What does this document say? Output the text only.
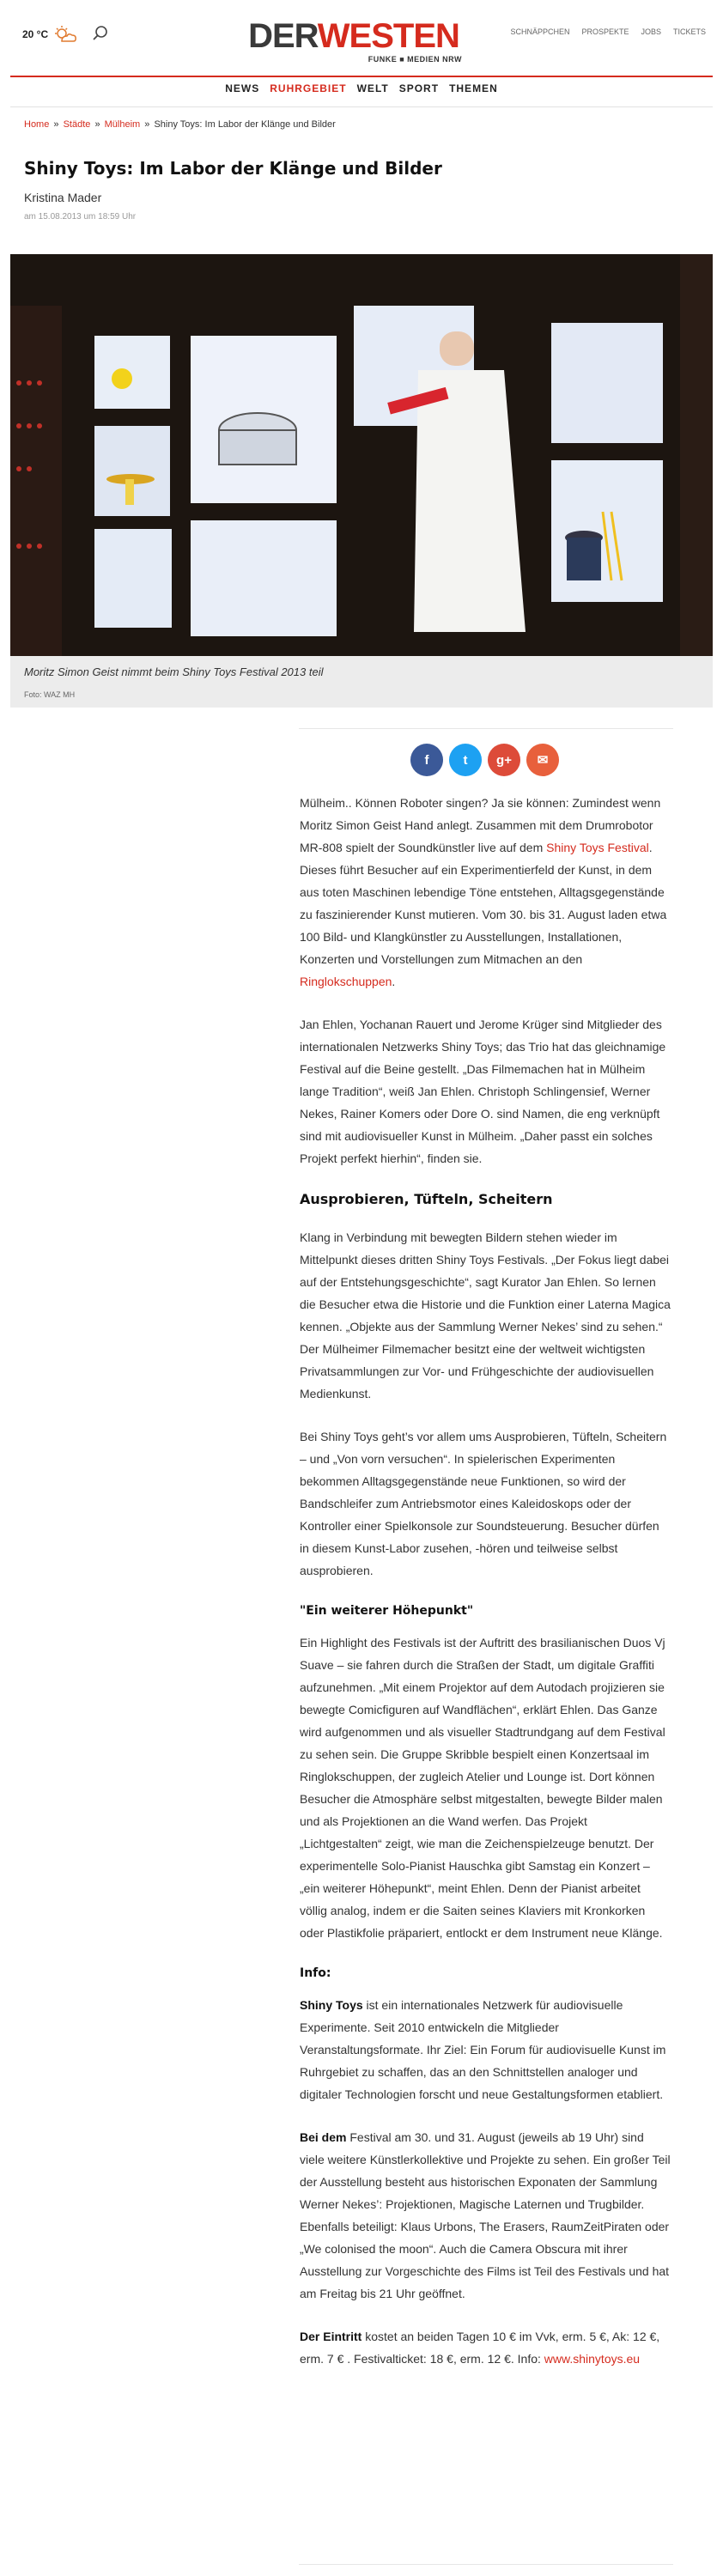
20 °C	DERWESTEN
FUNKE ■ MEDIEN NRW
SCHNÄPPCHEN PROSPEKTE JOBS TICKETS
NEWS RUHRGEBIET WELT SPORT THEMEN
Home » Städte » Mülheim » Shiny Toys: Im Labor der Klänge und Bilder
Shiny Toys: Im Labor der Klänge und Bilder
Kristina Mader
am 15.08.2013 um 18:59 Uhr
Moritz Simon Geist nimmt beim Shiny Toys Festival 2013 teil
Foto: WAZ MH
f	t g+ ✉

Mülheim.. Können Roboter singen? Ja sie können: Zumindest wenn Moritz Simon Geist Hand anlegt. Zusammen mit dem Drumrobotor MR-808 spielt der Soundkünstler live auf dem Shiny Toys Festival. Dieses führt Besucher auf ein Experimentierfeld der Kunst, in dem aus toten Maschinen lebendige Töne entstehen, Alltagsgegenstände zu faszinierender Kunst mutieren. Vom 30. bis 31. August laden etwa 100 Bild- und Klangkünstler zu Ausstellungen, Installationen, Konzerten und Vorstellungen zum Mitmachen an den Ringlokschuppen.

Jan Ehlen, Yochanan Rauert und Jerome Krüger sind Mitglieder des internationalen Netzwerks Shiny Toys; das Trio hat das gleichnamige Festival auf die Beine gestellt. „Das Filmemachen hat in Mülheim lange Tradition“, weiß Jan Ehlen. Christoph Schlingensief, Werner Nekes, Rainer Komers oder Dore O. sind Namen, die eng verknüpft sind mit audiovisueller Kunst in Mülheim. „Daher passt ein solches Projekt perfekt hierhin“, finden sie.

Ausprobieren, Tüfteln, Scheitern

Klang in Verbindung mit bewegten Bildern stehen wieder im Mittelpunkt dieses dritten Shiny Toys Festivals. „Der Fokus liegt dabei auf der Entstehungsgeschichte“, sagt Kurator Jan Ehlen. So lernen die Besucher etwa die Historie und die Funktion einer Laterna Magica kennen. „Objekte aus der Sammlung Werner Nekes’ sind zu sehen.“ Der Mülheimer Filmemacher besitzt eine der weltweit wichtigsten Privatsammlungen zur Vor- und Frühgeschichte der audiovisuellen Medienkunst.

Bei Shiny Toys geht’s vor allem ums Ausprobieren, Tüfteln, Scheitern – und „Von vorn versuchen“. In spielerischen Experimenten bekommen Alltagsgegenstände neue Funktionen, so wird der Bandschleifer zum Antriebsmotor eines Kaleidoskops oder der Kontroller einer Spielkonsole zur Soundsteuerung. Besucher dürfen in diesem Kunst-Labor zusehen, -hören und teilweise selbst ausprobieren.

"Ein weiterer Höhepunkt"

Ein Highlight des Festivals ist der Auftritt des brasilianischen Duos Vj Suave – sie fahren durch die Straßen der Stadt, um digitale Graffiti aufzunehmen. „Mit einem Projektor auf dem Autodach projizieren sie bewegte Comicfiguren auf Wandflächen“, erklärt Ehlen. Das Ganze wird aufgenommen und als visueller Stadtrundgang auf dem Festival zu sehen sein. Die Gruppe Skribble bespielt einen Konzertsaal im Ringlokschuppen, der zugleich Atelier und Lounge ist. Dort können Besucher die Atmosphäre selbst mitgestalten, bewegte Bilder malen und als Projektionen an die Wand werfen. Das Projekt „Lichtgestalten“ zeigt, wie man die Zeichenspielzeuge benutzt. Der experimentelle Solo-Pianist Hauschka gibt Samstag ein Konzert – „ein weiterer Höhepunkt“, meint Ehlen. Denn der Pianist arbeitet völlig analog, indem er die Saiten seines Klaviers mit Kronkorken oder Plastikfolie präpariert, entlockt er dem Instrument neue Klänge.

Info:

Shiny Toys ist ein internationales Netzwerk für audiovisuelle Experimente. Seit 2010 entwickeln die Mitglieder Veranstaltungsformate. Ihr Ziel: Ein Forum für audiovisuelle Kunst im Ruhrgebiet zu schaffen, das an den Schnittstellen analoger und digitaler Technologien forscht und neue Gestaltungsformen etabliert.

Bei dem Festival am 30. und 31. August (jeweils ab 19 Uhr) sind viele weitere Künstlerkollektive und Projekte zu sehen. Ein großer Teil der Ausstellung besteht aus historischen Exponaten der Sammlung Werner Nekes’: Projektionen, Magische Laternen und Trugbilder. Ebenfalls beteiligt: Klaus Urbons, The Erasers, RaumZeitPiraten oder „We colonised the moon“. Auch die Camera Obscura mit ihrer Ausstellung zur Vorgeschichte des Films ist Teil des Festivals und hat am Freitag bis 21 Uhr geöffnet.

Der Eintritt kostet an beiden Tagen 10 € im Vvk, erm. 5 €, Ak: 12 €, erm. 7 € . Festivalticket: 18 €, erm. 12 €. Info: www.shinytoys.eu
